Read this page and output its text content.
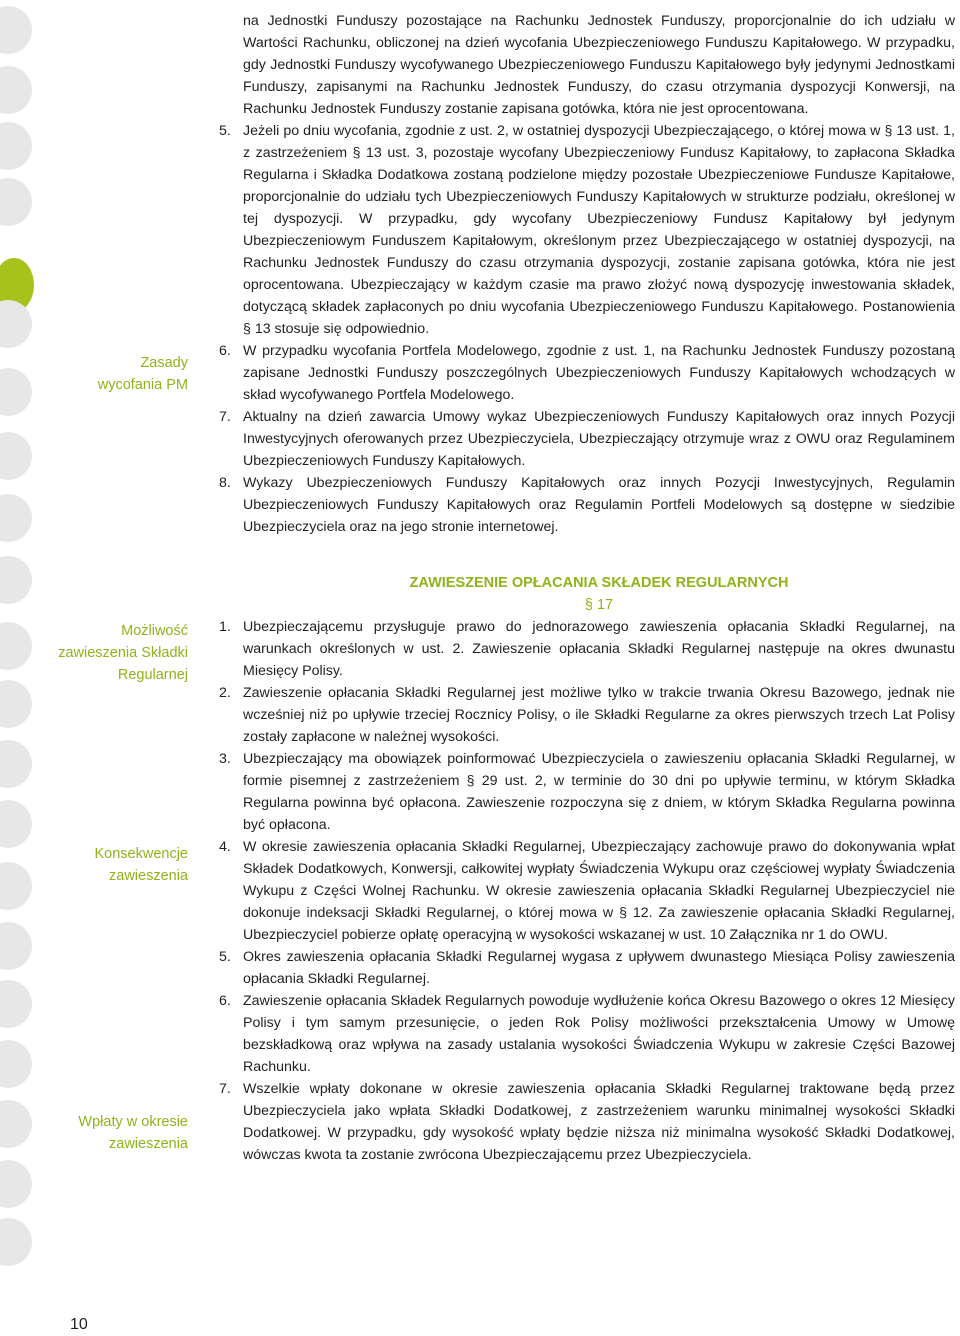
Zasady
wycofania PM
Możliwość
zawieszenia Składki
Regularnej
Konsekwencje
zawieszenia
Wpłaty w okresie
zawieszenia
na Jednostki Funduszy pozostające na Rachunku Jednostek Funduszy, proporcjonalnie do ich udziału w Wartości Rachunku, obliczonej na dzień wycofania Ubezpieczeniowego Funduszu Kapitałowego. W przypadku, gdy Jednostki Funduszy wycofywanego Ubezpieczeniowego Funduszu Kapitałowego były jedynymi Jednostkami Funduszy, zapisanymi na Rachunku Jednostek Funduszy, do czasu otrzymania dyspozycji Konwersji, na Rachunku Jednostek Funduszy zostanie zapisana gotówka, która nie jest oprocentowana.
5. Jeżeli po dniu wycofania, zgodnie z ust. 2, w ostatniej dyspozycji Ubezpieczającego, o której mowa w § 13 ust. 1, z zastrzeżeniem § 13 ust. 3, pozostaje wycofany Ubezpieczeniowy Fundusz Kapitałowy, to zapłacona Składka Regularna i Składka Dodatkowa zostaną podzielone między pozostałe Ubezpieczeniowe Fundusze Kapitałowe, proporcjonalnie do udziału tych Ubezpieczeniowych Funduszy Kapitałowych w strukturze podziału, określonej w tej dyspozycji. W przypadku, gdy wycofany Ubezpieczeniowy Fundusz Kapitałowy był jedynym Ubezpieczeniowym Funduszem Kapitałowym, określonym przez Ubezpieczającego w ostatniej dyspozycji, na Rachunku Jednostek Funduszy do czasu otrzymania dyspozycji, zostanie zapisana gotówka, która nie jest oprocentowana. Ubezpieczający w każdym czasie ma prawo złożyć nową dyspozycję inwestowania składek, dotyczącą składek zapłaconych po dniu wycofania Ubezpieczeniowego Funduszu Kapitałowego. Postanowienia § 13 stosuje się odpowiednio.
6. W przypadku wycofania Portfela Modelowego, zgodnie z ust. 1, na Rachunku Jednostek Funduszy pozostaną zapisane Jednostki Funduszy poszczególnych Ubezpieczeniowych Funduszy Kapitałowych wchodzących w skład wycofywanego Portfela Modelowego.
7. Aktualny na dzień zawarcia Umowy wykaz Ubezpieczeniowych Funduszy Kapitałowych oraz innych Pozycji Inwestycyjnych oferowanych przez Ubezpieczyciela, Ubezpieczający otrzymuje wraz z OWU oraz Regulaminem Ubezpieczeniowych Funduszy Kapitałowych.
8. Wykazy Ubezpieczeniowych Funduszy Kapitałowych oraz innych Pozycji Inwestycyjnych, Regulamin Ubezpieczeniowych Funduszy Kapitałowych oraz Regulamin Portfeli Modelowych są dostępne w siedzibie Ubezpieczyciela oraz na jego stronie internetowej.
ZAWIESZENIE OPŁACANIA SKŁADEK REGULARNYCH
§ 17
1. Ubezpieczającemu przysługuje prawo do jednorazowego zawieszenia opłacania Składki Regularnej, na warunkach określonych w ust. 2. Zawieszenie opłacania Składki Regularnej następuje na okres dwunastu Miesięcy Polisy.
2. Zawieszenie opłacania Składki Regularnej jest możliwe tylko w trakcie trwania Okresu Bazowego, jednak nie wcześniej niż po upływie trzeciej Rocznicy Polisy, o ile Składki Regularne za okres pierwszych trzech Lat Polisy zostały zapłacone w należnej wysokości.
3. Ubezpieczający ma obowiązek poinformować Ubezpieczyciela o zawieszeniu opłacania Składki Regularnej, w formie pisemnej z zastrzeżeniem § 29 ust. 2, w terminie do 30 dni po upływie terminu, w którym Składka Regularna powinna być opłacona. Zawieszenie rozpoczyna się z dniem, w którym Składka Regularna powinna być opłacona.
4. W okresie zawieszenia opłacania Składki Regularnej, Ubezpieczający zachowuje prawo do dokonywania wpłat Składek Dodatkowych, Konwersji, całkowitej wypłaty Świadczenia Wykupu oraz częściowej wypłaty Świadczenia Wykupu z Części Wolnej Rachunku. W okresie zawieszenia opłacania Składki Regularnej Ubezpieczyciel nie dokonuje indeksacji Składki Regularnej, o której mowa w § 12. Za zawieszenie opłacania Składki Regularnej, Ubezpieczyciel pobierze opłatę operacyjną w wysokości wskazanej w ust. 10 Załącznika nr 1 do OWU.
5. Okres zawieszenia opłacania Składki Regularnej wygasa z upływem dwunastego Miesiąca Polisy zawieszenia opłacania Składki Regularnej.
6. Zawieszenie opłacania Składek Regularnych powoduje wydłużenie końca Okresu Bazowego o okres 12 Miesięcy Polisy i tym samym przesunięcie, o jeden Rok Polisy możliwości przekształcenia Umowy w Umowę bezskładkową oraz wpływa na zasady ustalania wysokości Świadczenia Wykupu w zakresie Części Bazowej Rachunku.
7. Wszelkie wpłaty dokonane w okresie zawieszenia opłacania Składki Regularnej traktowane będą przez Ubezpieczyciela jako wpłata Składki Dodatkowej, z zastrzeżeniem warunku minimalnej wysokości Składki Dodatkowej. W przypadku, gdy wysokość wpłaty będzie niższa niż minimalna wysokość Składki Dodatkowej, wówczas kwota ta zostanie zwrócona Ubezpieczającemu przez Ubezpieczyciela.
10
